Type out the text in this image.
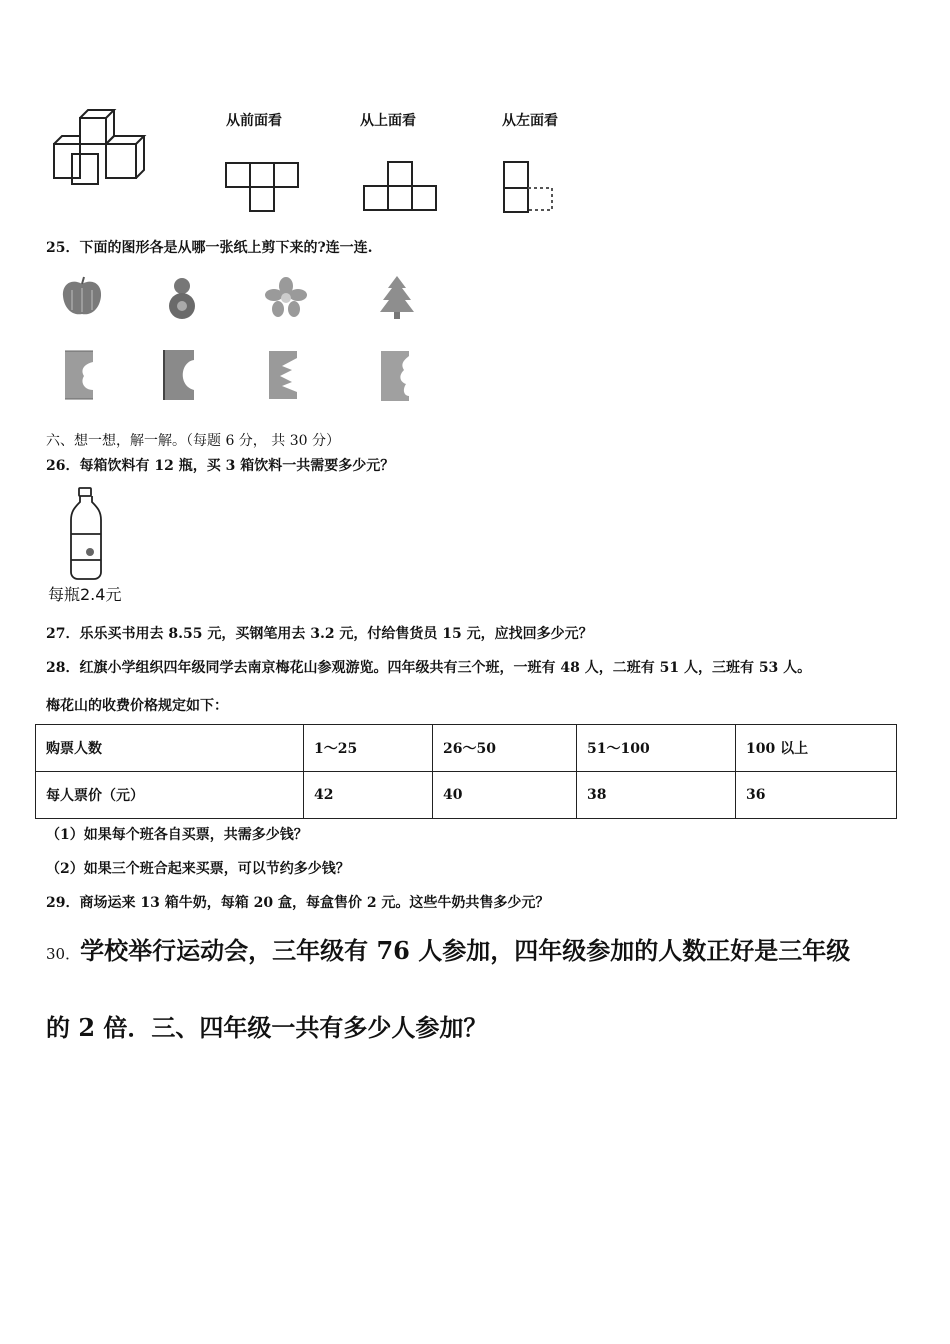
从前面看	从上面看	从左面看
25．下面的图形各是从哪一张纸上剪下来的?连一连.
六、想一想，解一解。（每题 6 分， 共 30 分）
26．每箱饮料有 12 瓶，买 3 箱饮料一共需要多少元？
每瓶2.4元
27．乐乐买书用去 8.55 元，买钢笔用去 3.2 元，付给售货员 15 元，应找回多少元？
28．红旗小学组织四年级同学去南京梅花山参观游览。四年级共有三个班，一班有 48 人，二班有 51 人，三班有 53 人。
梅花山的收费价格规定如下：
购票人数	1～25	26～50	51～100	100 以上
每人票价（元）	42	40	38	36
（1）如果每个班各自买票，共需多少钱？
（2）如果三个班合起来买票，可以节约多少钱？
29．商场运来 13 箱牛奶，每箱 20 盒，每盒售价 2 元。这些牛奶共售多少元？
30．学校举行运动会，三年级有 76 人参加，四年级参加的人数正好是三年级
的 2 倍．三、四年级一共有多少人参加？
